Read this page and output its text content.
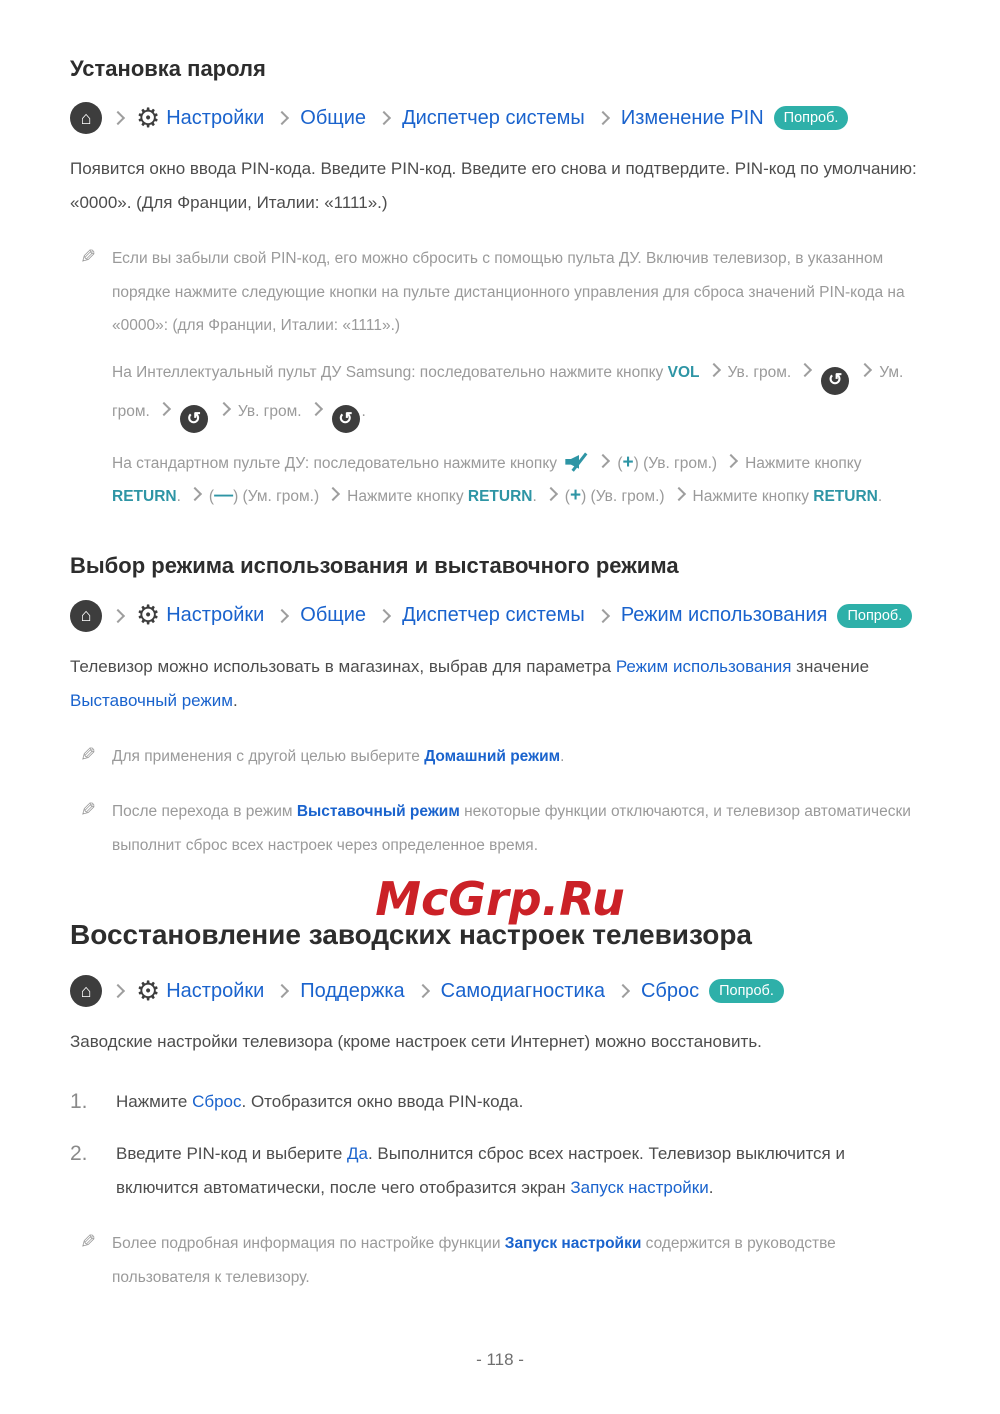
Установка пароля
⌂	⚙ Настройки Общие Диспетчер системы Изменение PIN	Попроб.

Появится окно ввода PIN-кода. Введите PIN-код. Введите его снова и подтвердите. PIN-код по умолчанию: «0000». (Для Франции, Италии: «1111».)

✎ Если вы забыли свой PIN-код, его можно сбросить с помощью пульта ДУ. Включив телевизор, в указанном порядке нажмите следующие кнопки на пульте дистанционного управления для сброса значений PIN-кода на «0000»: (для Франции, Италии: «1111».)

На Интеллектуальный пульт ДУ Samsung: последовательно нажмите кнопку VOL Ув. гром. ↺ Ум. гром. ↺ Ув. гром. ↺ .

На стандартном пульте ДУ: последовательно нажмите кнопку	(+) (Ув. гром.) Нажмите кнопку RETURN. (—) (Ум. гром.) Нажмите кнопку RETURN. (+) (Ув. гром.) Нажмите кнопку RETURN.

Выбор режима использования и выставочного режима
⌂	⚙ Настройки Общие Диспетчер системы Режим использования	Попроб.

Телевизор можно использовать в магазинах, выбрав для параметра Режим использования значение Выставочный режим.

✎ Для применения с другой целью выберите Домашний режим.

✎ После перехода в режим Выставочный режим некоторые функции отключаются, и телевизор автоматически выполнит сброс всех настроек через определенное время.

McGrp.Ru
Восстановление заводских настроек телевизора
⌂	⚙ Настройки Поддержка Самодиагностика Сброс	Попроб.

Заводские настройки телевизора (кроме настроек сети Интернет) можно восстановить.

1.	Нажмите Сброс. Отобразится окно ввода PIN-кода.
2.	Введите PIN-код и выберите Да. Выполнится сброс всех настроек. Телевизор выключится и включится автоматически, после чего отобразится экран Запуск настройки.
✎ Более подробная информация по настройке функции Запуск настройки содержится в руководстве пользователя к телевизору.

- 118 -
